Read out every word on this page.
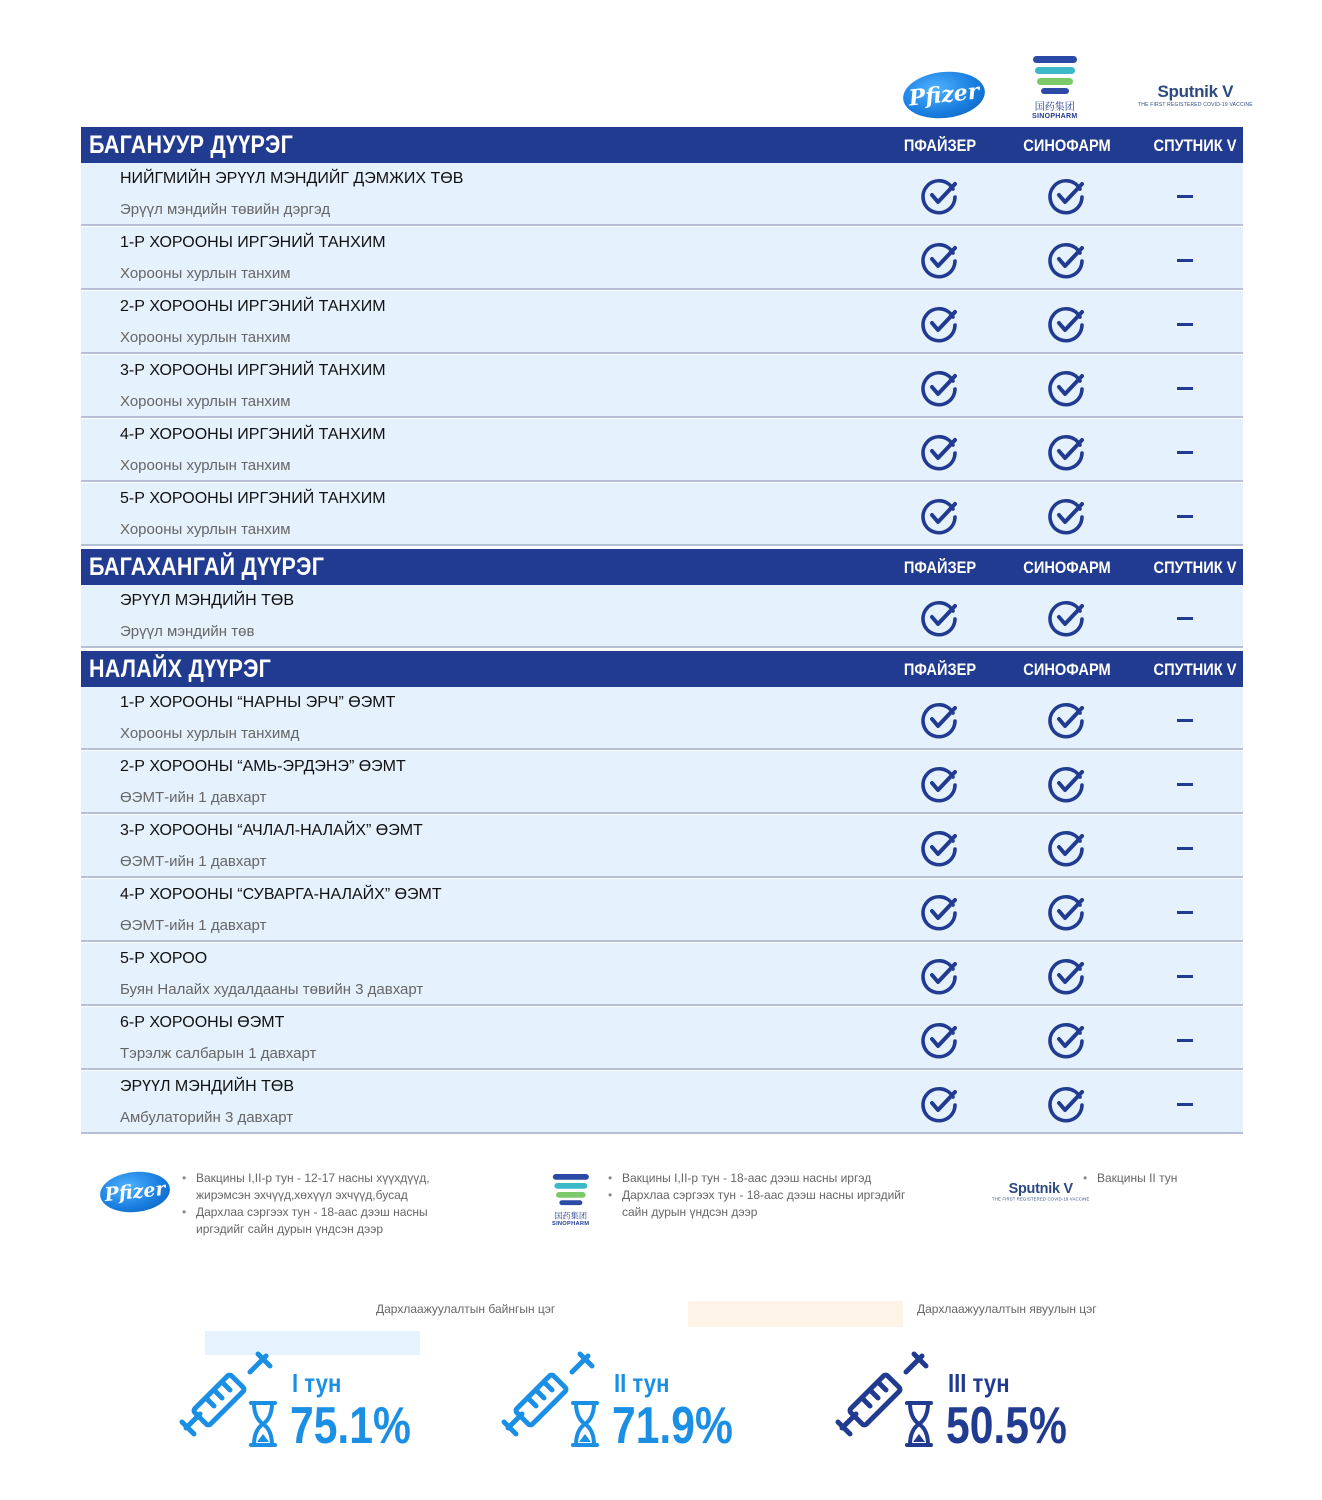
Pfizer	国药集团
SINOPHARM
Sputnik V
THE FIRST REGISTERED COVID-19 VACCINE
БАГАНУУР ДҮҮРЭГ	ПФАЙЗЕР	СИНОФАРМ	СПУТНИК V
НИЙГМИЙН ЭРҮҮЛ МЭНДИЙГ ДЭМЖИХ ТӨВ
Эрүүл мэндийн төвийн дэргэд
1-Р ХОРООНЫ ИРГЭНИЙ ТАНХИМ
Хорооны хурлын танхим
2-Р ХОРООНЫ ИРГЭНИЙ ТАНХИМ
Хорооны хурлын танхим
3-Р ХОРООНЫ ИРГЭНИЙ ТАНХИМ
Хорооны хурлын танхим
4-Р ХОРООНЫ ИРГЭНИЙ ТАНХИМ
Хорооны хурлын танхим
5-Р ХОРООНЫ ИРГЭНИЙ ТАНХИМ
Хорооны хурлын танхим
БАГАХАНГАЙ ДҮҮРЭГ	ПФАЙЗЕР	СИНОФАРМ	СПУТНИК V
ЭРҮҮЛ МЭНДИЙН ТӨВ
Эрүүл мэндийн төв
НАЛАЙХ ДҮҮРЭГ	ПФАЙЗЕР	СИНОФАРМ	СПУТНИК V
1-Р ХОРООНЫ “НАРНЫ ЭРЧ” ӨЭМТ
Хорооны хурлын танхимд
2-Р ХОРООНЫ “АМЬ-ЭРДЭНЭ” ӨЭМТ
ӨЭМТ-ийн 1 давхарт
3-Р ХОРООНЫ “АЧЛАЛ-НАЛАЙХ” ӨЭМТ
ӨЭМТ-ийн 1 давхарт
4-Р ХОРООНЫ “СУВАРГА-НАЛАЙХ” ӨЭМТ
ӨЭМТ-ийн 1 давхарт
5-Р ХОРОО
Буян Налайх худалдааны төвийн 3 давхарт
6-Р ХОРООНЫ ӨЭМТ
Тэрэлж салбарын 1 давхарт
ЭРҮҮЛ МЭНДИЙН ТӨВ
Амбулаторийн 3 давхарт
Pfizer
•	Вакцины I,II-р тун - 12-17 насны хүүхдүүд, жирэмсэн эхчүүд,хөхүүл эхчүүд,бусад
• Дархлаа сэргээх тун - 18-аас дээш насны иргэдийг сайн дурын үндсэн дээр
国药集团
SINOPHARM
• Вакцины I,II-р тун - 18-аас дээш насны иргэд
• Дархлаа сэргээх тун - 18-аас дээш насны иргэдийг сайн дурын үндсэн дээр
Sputnik V
THE FIRST REGISTERED COVID-19 VACCINE
• Вакцины II тун
Дархлаажуулалтын байнгын цэг	Дархлаажуулалтын явуулын цэг
I тун
75.1%
II тун
71.9%
III тун
50.5%
